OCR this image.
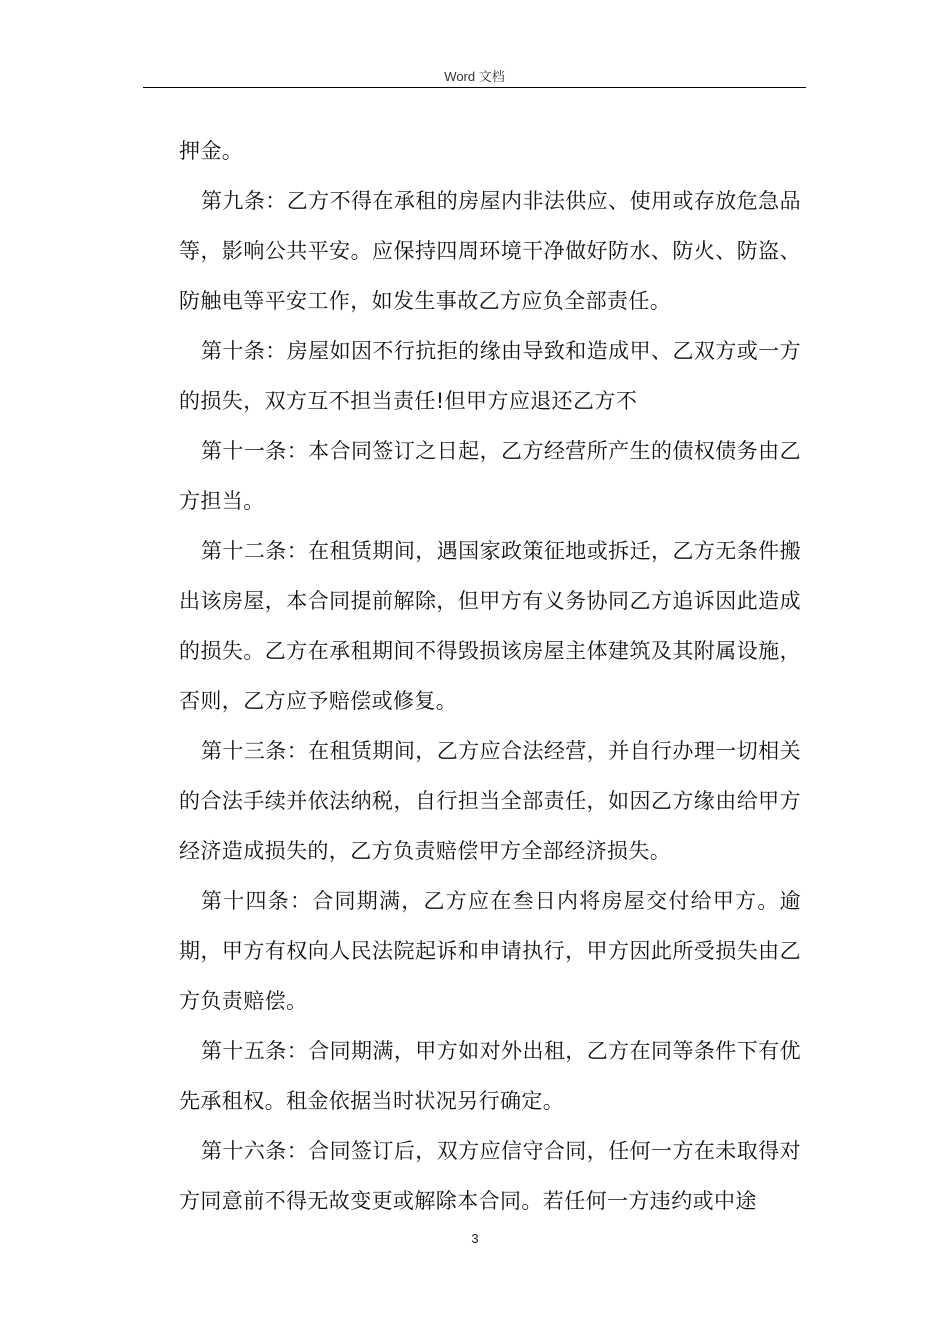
Word 文档

押金。

第九条：乙方不得在承租的房屋内非法供应、使用或存放危急品等，影响公共平安。应保持四周环境干净做好防水、防火、防盗、防触电等平安工作，如发生事故乙方应负全部责任。

第十条：房屋如因不行抗拒的缘由导致和造成甲、乙双方或一方的损失，双方互不担当责任!但甲方应退还乙方不

第十一条：本合同签订之日起，乙方经营所产生的债权债务由乙方担当。

第十二条：在租赁期间，遇国家政策征地或拆迁，乙方无条件搬出该房屋，本合同提前解除，但甲方有义务协同乙方追诉因此造成的损失。乙方在承租期间不得毁损该房屋主体建筑及其附属设施，否则，乙方应予赔偿或修复。

第十三条：在租赁期间，乙方应合法经营，并自行办理一切相关的合法手续并依法纳税，自行担当全部责任，如因乙方缘由给甲方经济造成损失的，乙方负责赔偿甲方全部经济损失。

第十四条：合同期满，乙方应在叁日内将房屋交付给甲方。逾期，甲方有权向人民法院起诉和申请执行，甲方因此所受损失由乙方负责赔偿。

第十五条：合同期满，甲方如对外出租，乙方在同等条件下有优先承租权。租金依据当时状况另行确定。

第十六条：合同签订后，双方应信守合同，任何一方在未取得对方同意前不得无故变更或解除本合同。若任何一方违约或中途

3
